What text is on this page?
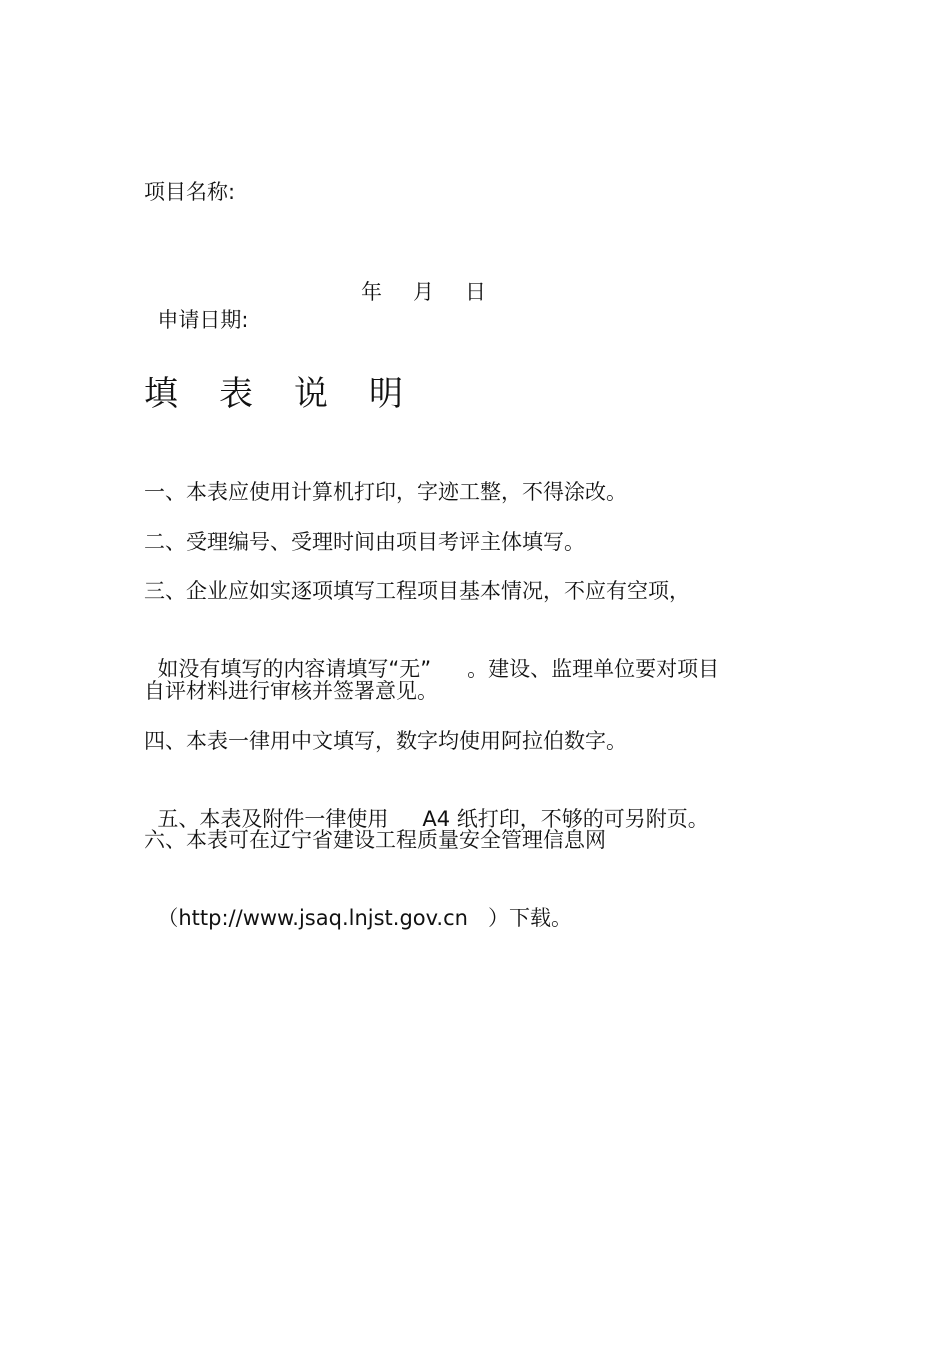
项目名称:

申请日期:

年

月

日

填 表 说 明
一、本表应使用计算机打印，字迹工整，不得涂改。
二、受理编号、受理时间由项目考评主体填写。
三、企业应如实逐项填写工程项目基本情况，不应有空项，

如没有填写的内容请填写“无” 。建设、监理单位要对项目

自评材料进行审核并签署意见。
四、本表一律用中文填写，数字均使用阿拉伯数字。

五、本表及附件一律使用 A4 纸打印，不够的可另附页。

六、本表可在辽宁省建设工程质量安全管理信息网

（http://www.jsaq.lnjst.gov.cn ）下载。
